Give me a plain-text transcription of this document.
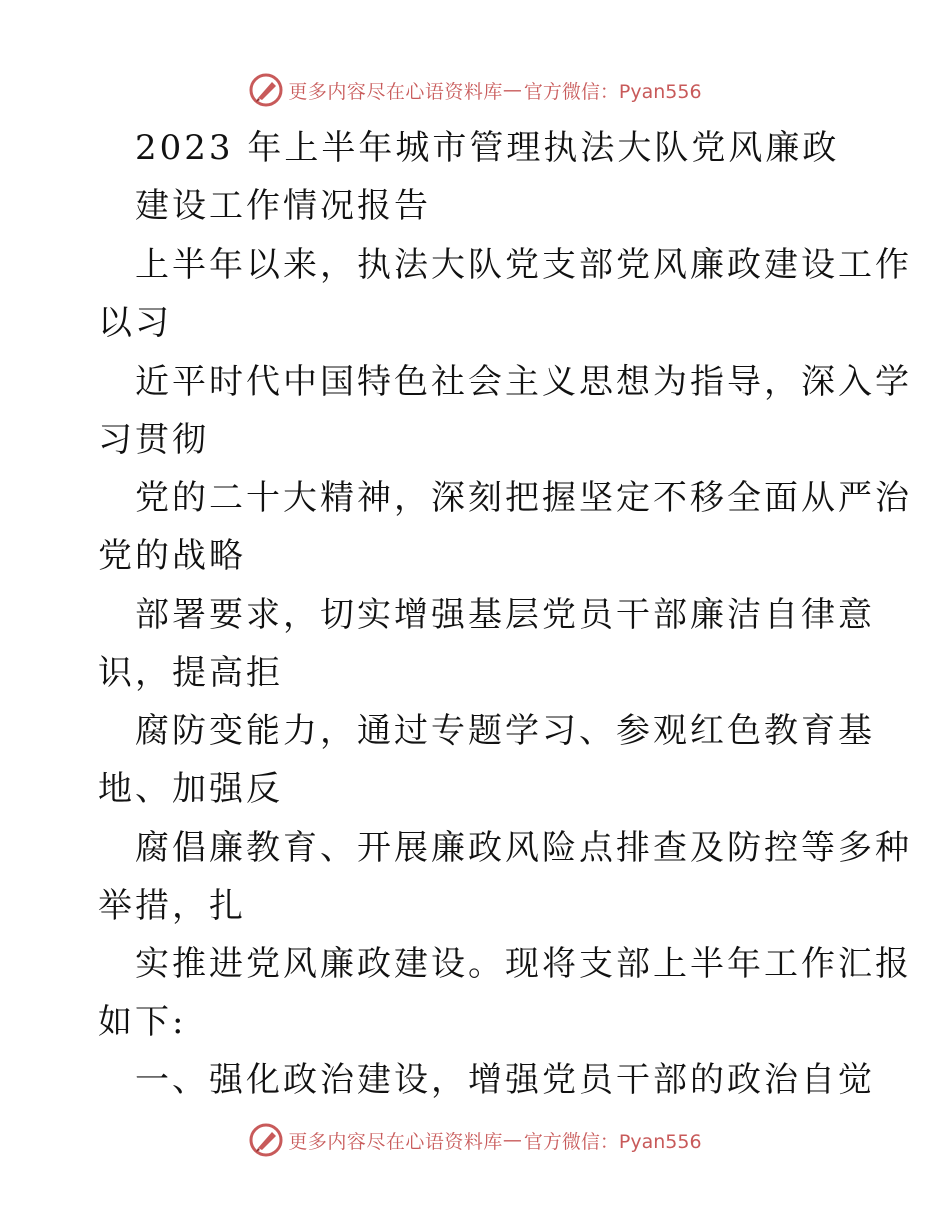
更多内容尽在心语资料库 — 官方微信：Pyan556
2023 年上半年城市管理执法大队党风廉政
建设工作情况报告
上半年以来，执法大队党支部党风廉政建设工作
以习
近平时代中国特色社会主义思想为指导，深入学
习贯彻
党的二十大精神，深刻把握坚定不移全面从严治
党的战略
部署要求，切实增强基层党员干部廉洁自律意
识，提高拒
腐防变能力，通过专题学习、参观红色教育基
地、加强反
腐倡廉教育、开展廉政风险点排查及防控等多种
举措，扎
实推进党风廉政建设。现将支部上半年工作汇报
如下:
一、强化政治建设，增强党员干部的政治自觉
更多内容尽在心语资料库 — 官方微信：Pyan556
